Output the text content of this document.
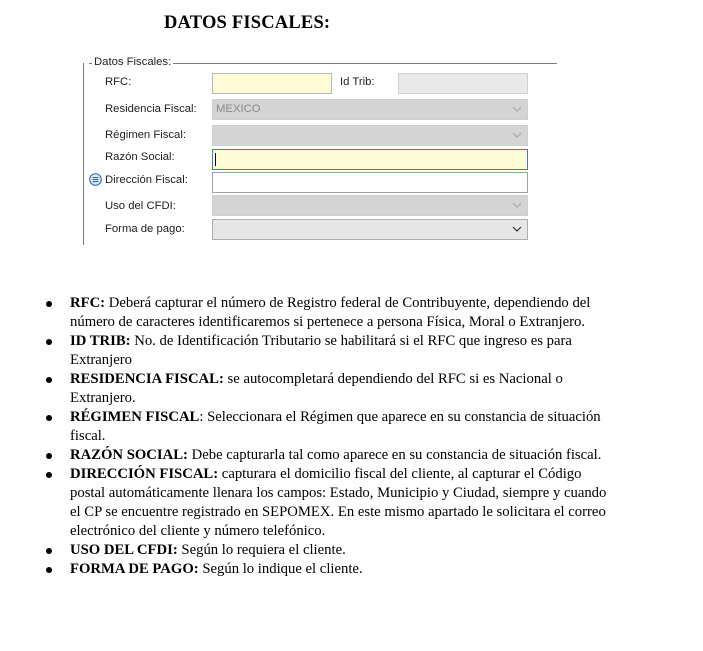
DATOS FISCALES:
Datos Fiscales:
RFC:	Id Trib:
Residencia Fiscal: MEXICO
Régimen Fiscal:
Razón Social:
Dirección Fiscal:
Uso del CFDI:
Forma de pago:
RFC: Deberá capturar el número de Registro federal de Contribuyente, dependiendo del número de caracteres identificaremos si pertenece a persona Física, Moral o Extranjero.
ID TRIB: No. de Identificación Tributario se habilitará si el RFC que ingreso es para Extranjero
RESIDENCIA FISCAL: se autocompletará dependiendo del RFC si es Nacional o Extranjero.
RÉGIMEN FISCAL: Seleccionara el Régimen que aparece en su constancia de situación fiscal.
RAZÓN SOCIAL: Debe capturarla tal como aparece en su constancia de situación fiscal.
DIRECCIÓN FISCAL: capturara el domicilio fiscal del cliente, al capturar el Código postal automáticamente llenara los campos: Estado, Municipio y Ciudad, siempre y cuando el CP se encuentre registrado en SEPOMEX. En este mismo apartado le solicitara el correo electrónico del cliente y número telefónico.
USO DEL CFDI: Según lo requiera el cliente.
FORMA DE PAGO: Según lo indique el cliente.
